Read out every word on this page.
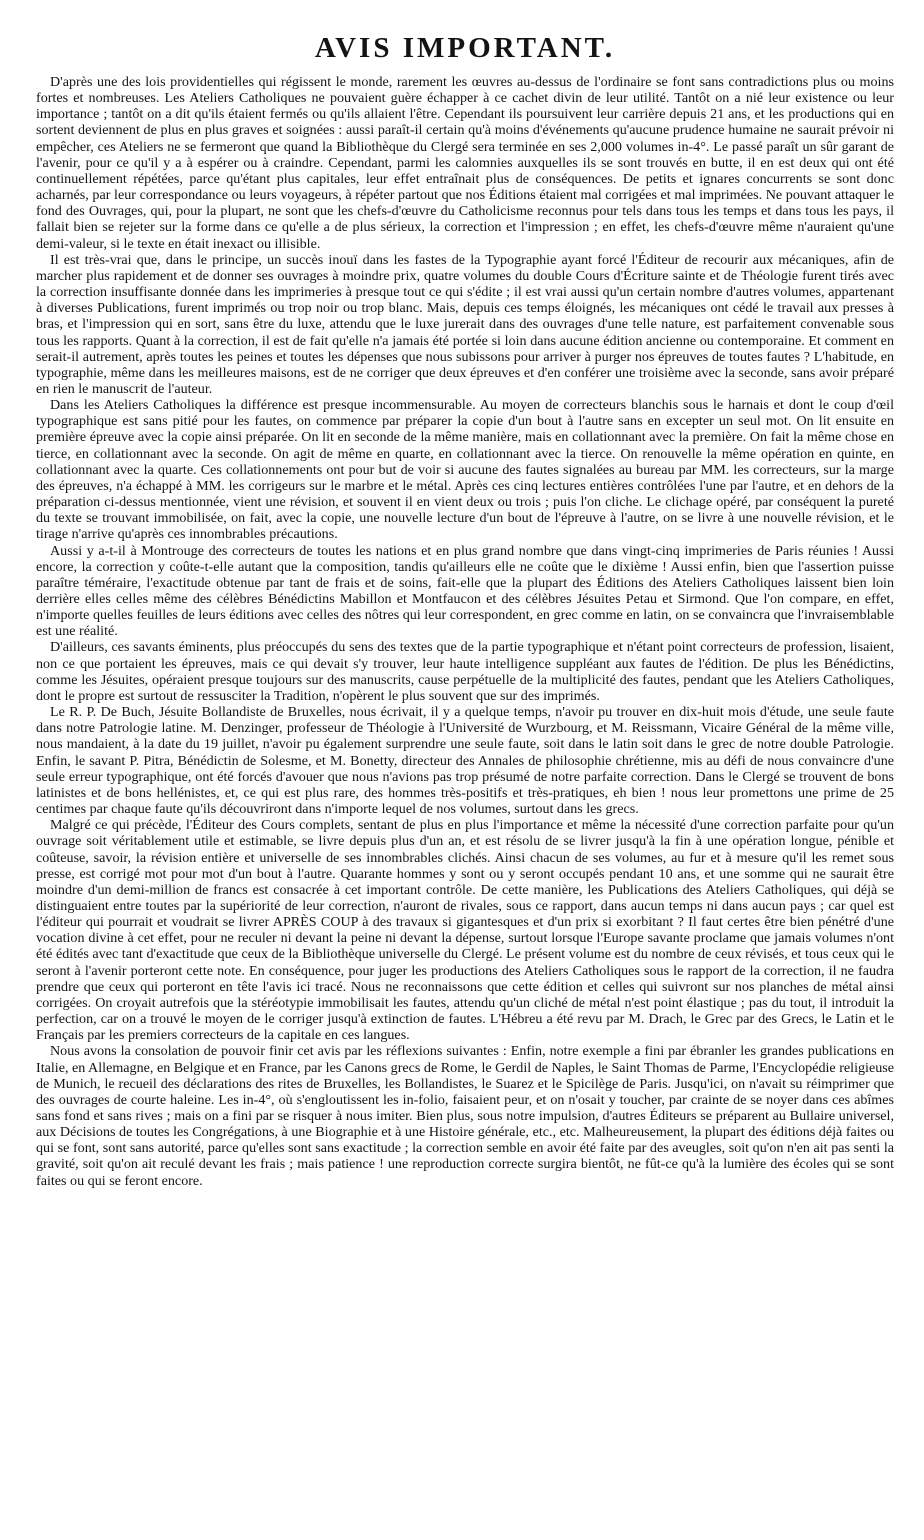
AVIS IMPORTANT.

D'après une des lois providentielles qui régissent le monde, rarement les œuvres au-dessus de l'ordinaire se font sans contradictions plus ou moins fortes et nombreuses. Les Ateliers Catholiques ne pouvaient guère échapper à ce cachet divin de leur utilité. Tantôt on a nié leur existence ou leur importance ; tantôt on a dit qu'ils étaient fermés ou qu'ils allaient l'être. Cependant ils poursuivent leur carrière depuis 21 ans, et les productions qui en sortent deviennent de plus en plus graves et soignées : aussi paraît-il certain qu'à moins d'événements qu'aucune prudence humaine ne saurait prévoir ni empêcher, ces Ateliers ne se fermeront que quand la Bibliothèque du Clergé sera terminée en ses 2,000 volumes in-4°. Le passé paraît un sûr garant de l'avenir, pour ce qu'il y a à espérer ou à craindre. Cependant, parmi les calomnies auxquelles ils se sont trouvés en butte, il en est deux qui ont été continuellement répétées, parce qu'étant plus capitales, leur effet entraînait plus de conséquences. De petits et ignares concurrents se sont donc acharnés, par leur correspondance ou leurs voyageurs, à répéter partout que nos Éditions étaient mal corrigées et mal imprimées. Ne pouvant attaquer le fond des Ouvrages, qui, pour la plupart, ne sont que les chefs-d'œuvre du Catholicisme reconnus pour tels dans tous les temps et dans tous les pays, il fallait bien se rejeter sur la forme dans ce qu'elle a de plus sérieux, la correction et l'impression ; en effet, les chefs-d'œuvre même n'auraient qu'une demi-valeur, si le texte en était inexact ou illisible.

Il est très-vrai que, dans le principe, un succès inouï dans les fastes de la Typographie ayant forcé l'Éditeur de recourir aux mécaniques, afin de marcher plus rapidement et de donner ses ouvrages à moindre prix, quatre volumes du double Cours d'Écriture sainte et de Théologie furent tirés avec la correction insuffisante donnée dans les imprimeries à presque tout ce qui s'édite ; il est vrai aussi qu'un certain nombre d'autres volumes, appartenant à diverses Publications, furent imprimés ou trop noir ou trop blanc. Mais, depuis ces temps éloignés, les mécaniques ont cédé le travail aux presses à bras, et l'impression qui en sort, sans être du luxe, attendu que le luxe jurerait dans des ouvrages d'une telle nature, est parfaitement convenable sous tous les rapports. Quant à la correction, il est de fait qu'elle n'a jamais été portée si loin dans aucune édition ancienne ou contemporaine. Et comment en serait-il autrement, après toutes les peines et toutes les dépenses que nous subissons pour arriver à purger nos épreuves de toutes fautes ? L'habitude, en typographie, même dans les meilleures maisons, est de ne corriger que deux épreuves et d'en conférer une troisième avec la seconde, sans avoir préparé en rien le manuscrit de l'auteur.

Dans les Ateliers Catholiques la différence est presque incommensurable. Au moyen de correcteurs blanchis sous le harnais et dont le coup d'œil typographique est sans pitié pour les fautes, on commence par préparer la copie d'un bout à l'autre sans en excepter un seul mot. On lit ensuite en première épreuve avec la copie ainsi préparée. On lit en seconde de la même manière, mais en collationnant avec la première. On fait la même chose en tierce, en collationnant avec la seconde. On agit de même en quarte, en collationnant avec la tierce. On renouvelle la même opération en quinte, en collationnant avec la quarte. Ces collationnements ont pour but de voir si aucune des fautes signalées au bureau par MM. les correcteurs, sur la marge des épreuves, n'a échappé à MM. les corrigeurs sur le marbre et le métal. Après ces cinq lectures entières contrôlées l'une par l'autre, et en dehors de la préparation ci-dessus mentionnée, vient une révision, et souvent il en vient deux ou trois ; puis l'on cliche. Le clichage opéré, par conséquent la pureté du texte se trouvant immobilisée, on fait, avec la copie, une nouvelle lecture d'un bout de l'épreuve à l'autre, on se livre à une nouvelle révision, et le tirage n'arrive qu'après ces innombrables précautions.

Aussi y a-t-il à Montrouge des correcteurs de toutes les nations et en plus grand nombre que dans vingt-cinq imprimeries de Paris réunies ! Aussi encore, la correction y coûte-t-elle autant que la composition, tandis qu'ailleurs elle ne coûte que le dixième ! Aussi enfin, bien que l'assertion puisse paraître téméraire, l'exactitude obtenue par tant de frais et de soins, fait-elle que la plupart des Éditions des Ateliers Catholiques laissent bien loin derrière elles celles même des célèbres Bénédictins Mabillon et Montfaucon et des célèbres Jésuites Petau et Sirmond. Que l'on compare, en effet, n'importe quelles feuilles de leurs éditions avec celles des nôtres qui leur correspondent, en grec comme en latin, on se convaincra que l'invraisemblable est une réalité.

D'ailleurs, ces savants éminents, plus préoccupés du sens des textes que de la partie typographique et n'étant point correcteurs de profession, lisaient, non ce que portaient les épreuves, mais ce qui devait s'y trouver, leur haute intelligence suppléant aux fautes de l'édition. De plus les Bénédictins, comme les Jésuites, opéraient presque toujours sur des manuscrits, cause perpétuelle de la multiplicité des fautes, pendant que les Ateliers Catholiques, dont le propre est surtout de ressusciter la Tradition, n'opèrent le plus souvent que sur des imprimés.

Le R. P. De Buch, Jésuite Bollandiste de Bruxelles, nous écrivait, il y a quelque temps, n'avoir pu trouver en dix-huit mois d'étude, une seule faute dans notre Patrologie latine. M. Denzinger, professeur de Théologie à l'Université de Wurzbourg, et M. Reissmann, Vicaire Général de la même ville, nous mandaient, à la date du 19 juillet, n'avoir pu également surprendre une seule faute, soit dans le latin soit dans le grec de notre double Patrologie. Enfin, le savant P. Pitra, Bénédictin de Solesme, et M. Bonetty, directeur des Annales de philosophie chrétienne, mis au défi de nous convaincre d'une seule erreur typographique, ont été forcés d'avouer que nous n'avions pas trop présumé de notre parfaite correction. Dans le Clergé se trouvent de bons latinistes et de bons hellénistes, et, ce qui est plus rare, des hommes très-positifs et très-pratiques, eh bien ! nous leur promettons une prime de 25 centimes par chaque faute qu'ils découvriront dans n'importe lequel de nos volumes, surtout dans les grecs.

Malgré ce qui précède, l'Éditeur des Cours complets, sentant de plus en plus l'importance et même la nécessité d'une correction parfaite pour qu'un ouvrage soit véritablement utile et estimable, se livre depuis plus d'un an, et est résolu de se livrer jusqu'à la fin à une opération longue, pénible et coûteuse, savoir, la révision entière et universelle de ses innombrables clichés. Ainsi chacun de ses volumes, au fur et à mesure qu'il les remet sous presse, est corrigé mot pour mot d'un bout à l'autre. Quarante hommes y sont ou y seront occupés pendant 10 ans, et une somme qui ne saurait être moindre d'un demi-million de francs est consacrée à cet important contrôle. De cette manière, les Publications des Ateliers Catholiques, qui déjà se distinguaient entre toutes par la supériorité de leur correction, n'auront de rivales, sous ce rapport, dans aucun temps ni dans aucun pays ; car quel est l'éditeur qui pourrait et voudrait se livrer APRÈS COUP à des travaux si gigantesques et d'un prix si exorbitant ? Il faut certes être bien pénétré d'une vocation divine à cet effet, pour ne reculer ni devant la peine ni devant la dépense, surtout lorsque l'Europe savante proclame que jamais volumes n'ont été édités avec tant d'exactitude que ceux de la Bibliothèque universelle du Clergé. Le présent volume est du nombre de ceux révisés, et tous ceux qui le seront à l'avenir porteront cette note. En conséquence, pour juger les productions des Ateliers Catholiques sous le rapport de la correction, il ne faudra prendre que ceux qui porteront en tête l'avis ici tracé. Nous ne reconnaissons que cette édition et celles qui suivront sur nos planches de métal ainsi corrigées. On croyait autrefois que la stéréotypie immobilisait les fautes, attendu qu'un cliché de métal n'est point élastique ; pas du tout, il introduit la perfection, car on a trouvé le moyen de le corriger jusqu'à extinction de fautes. L'Hébreu a été revu par M. Drach, le Grec par des Grecs, le Latin et le Français par les premiers correcteurs de la capitale en ces langues.

Nous avons la consolation de pouvoir finir cet avis par les réflexions suivantes : Enfin, notre exemple a fini par ébranler les grandes publications en Italie, en Allemagne, en Belgique et en France, par les Canons grecs de Rome, le Gerdil de Naples, le Saint Thomas de Parme, l'Encyclopédie religieuse de Munich, le recueil des déclarations des rites de Bruxelles, les Bollandistes, le Suarez et le Spicilège de Paris. Jusqu'ici, on n'avait su réimprimer que des ouvrages de courte haleine. Les in-4°, où s'engloutissent les in-folio, faisaient peur, et on n'osait y toucher, par crainte de se noyer dans ces abîmes sans fond et sans rives ; mais on a fini par se risquer à nous imiter. Bien plus, sous notre impulsion, d'autres Éditeurs se préparent au Bullaire universel, aux Décisions de toutes les Congrégations, à une Biographie et à une Histoire générale, etc., etc. Malheureusement, la plupart des éditions déjà faites ou qui se font, sont sans autorité, parce qu'elles sont sans exactitude ; la correction semble en avoir été faite par des aveugles, soit qu'on n'en ait pas senti la gravité, soit qu'on ait reculé devant les frais ; mais patience ! une reproduction correcte surgira bientôt, ne fût-ce qu'à la lumière des écoles qui se sont faites ou qui se feront encore.
